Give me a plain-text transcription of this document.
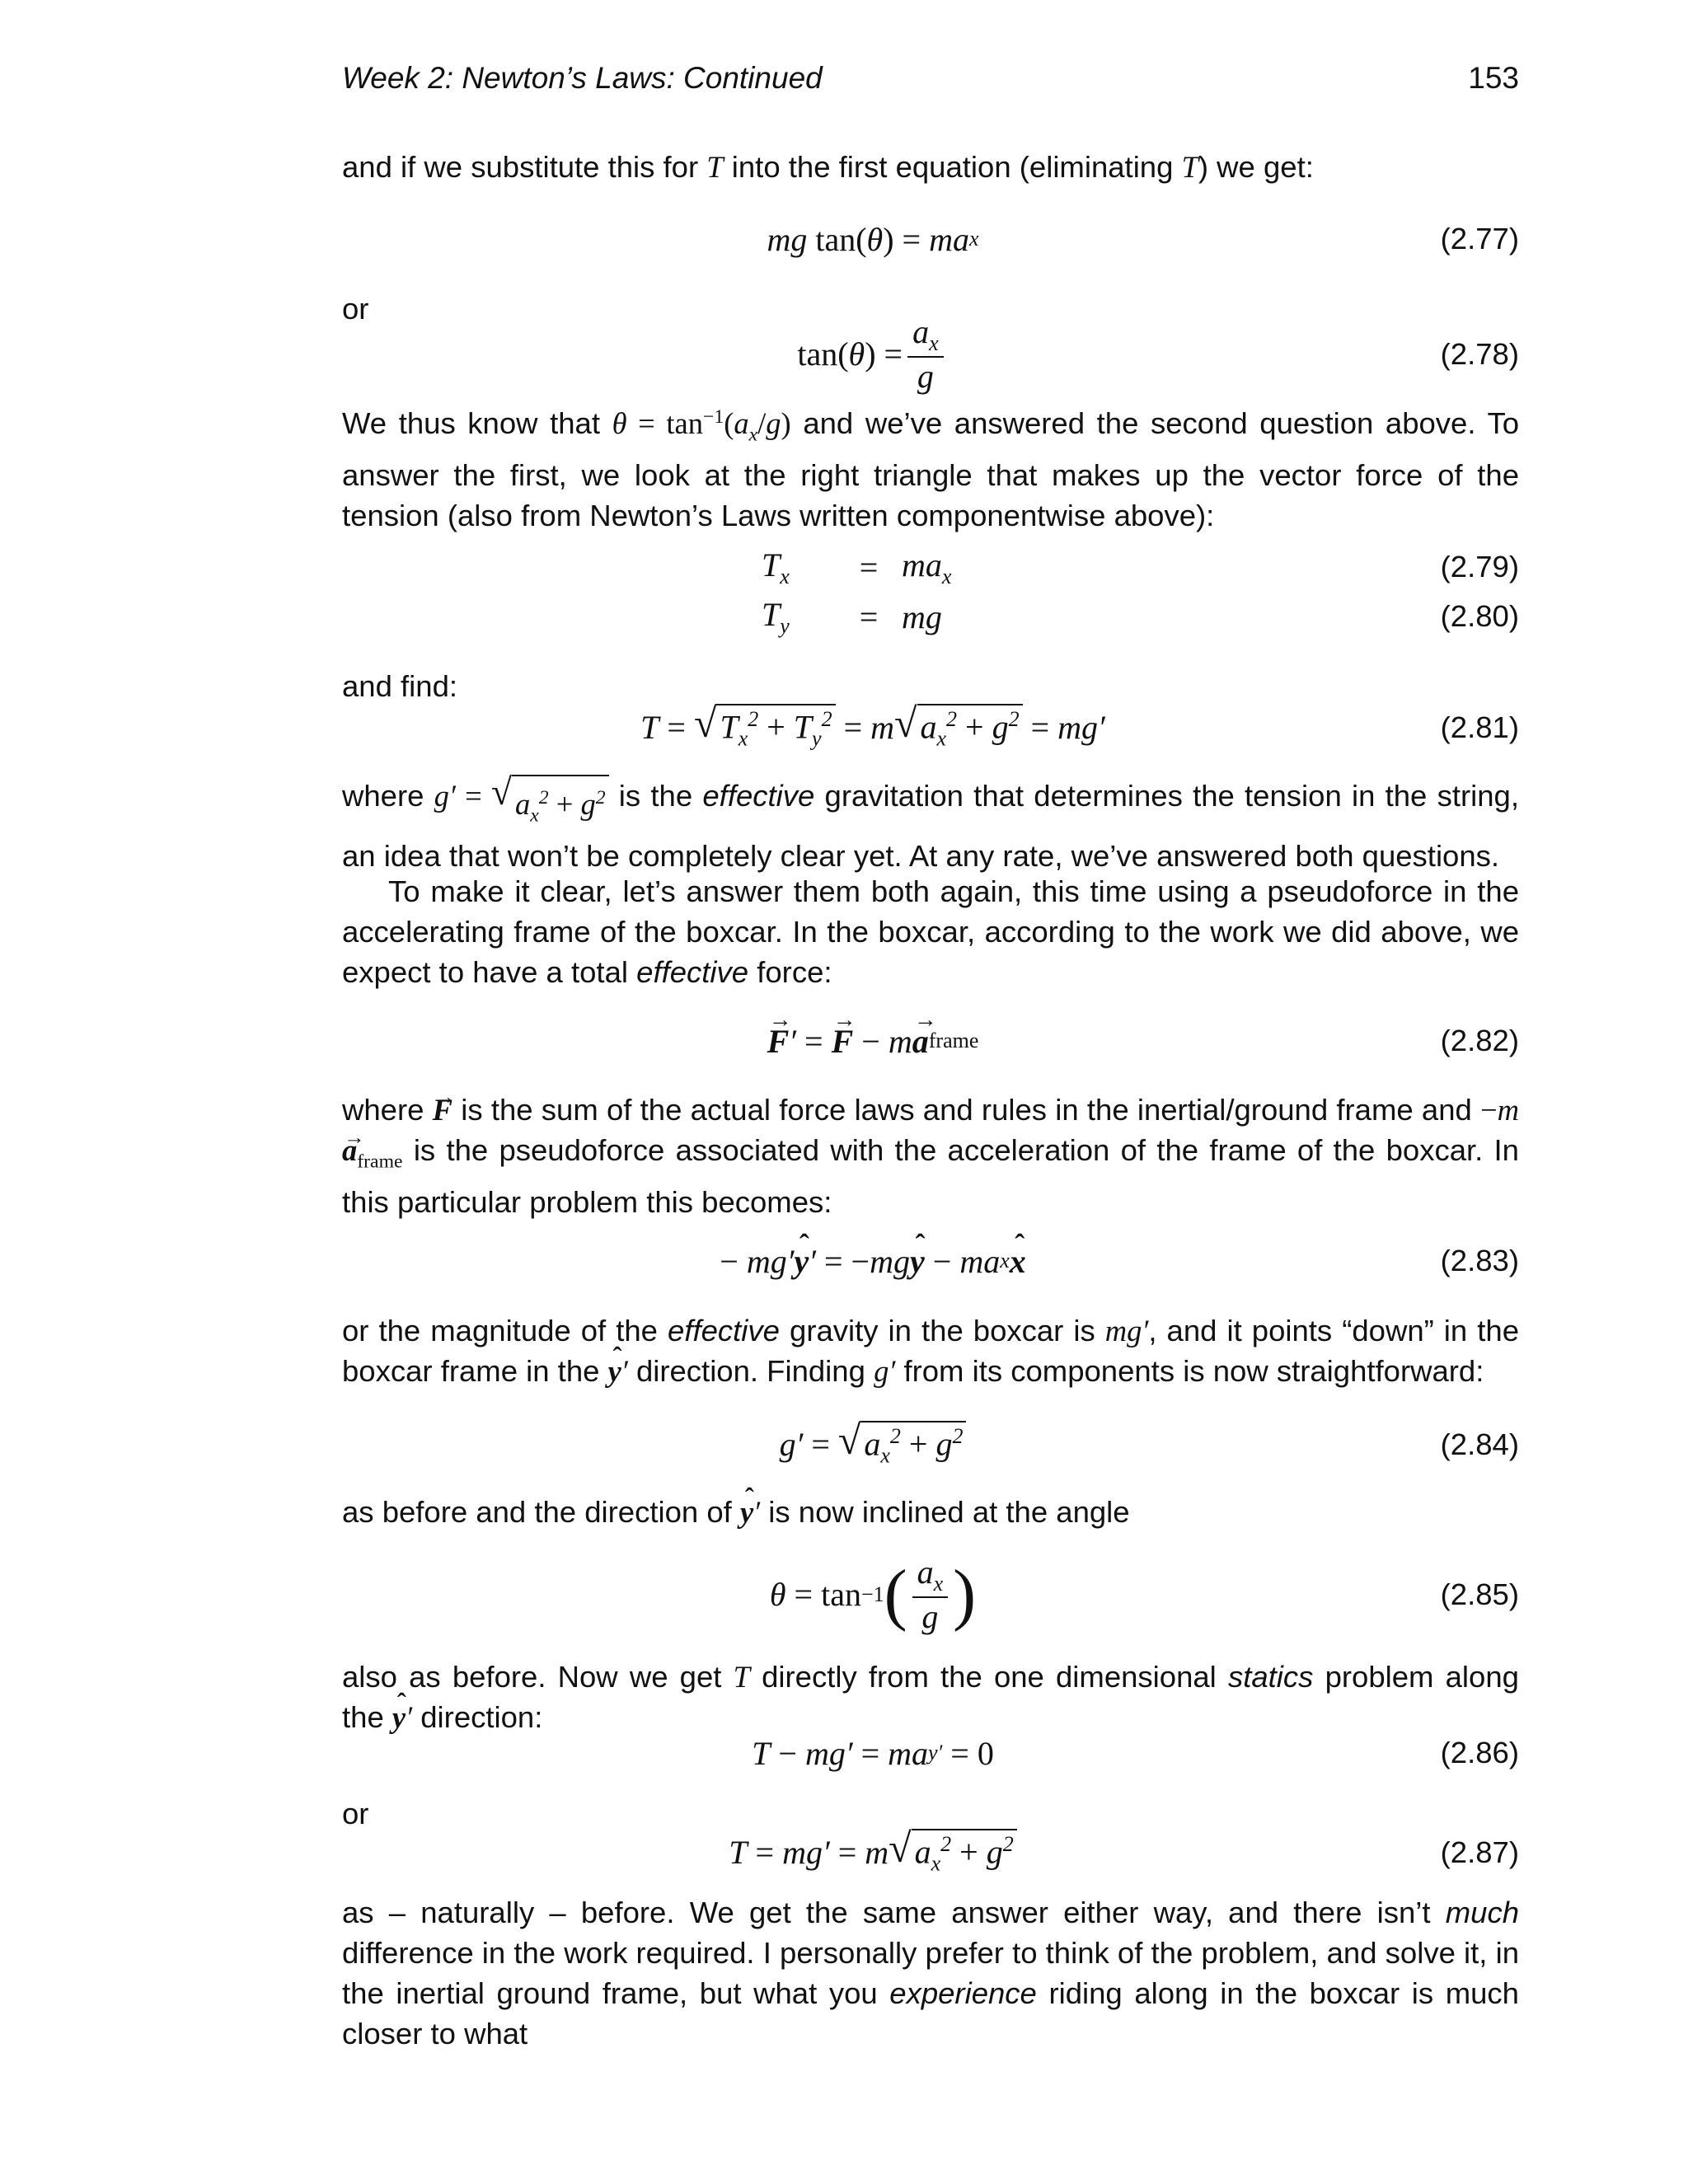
Week 2: Newton’s Laws: Continued	153

and if we substitute this for T into the first equation (eliminating T) we get:

mg tan( θ ) = ma x	(2.77)
or
tan( θ ) = $\frac{a_x}{g}$	(2.78)

We thus know that $\theta = \tan^{-1}(a_x/g)$ and we’ve answered the second question above. To answer the first, we look at the right triangle that makes up the vector force of the tension (also from Newton’s Laws written componentwise above):

$T_x$	= $ma_x$	(2.79)
$T_y$	= mg	(2.80)
and find:
T =
√ $T_x^2 + T_y^2$
= m √ $a_x^2 + g^2$
= mg′	(2.81)

where g′ = √ $a_x^2 + g^2$ is the effective gravitation that determines the tension in the string, an idea that won’t be completely clear yet. At any rate, we’ve answered both questions.

To make it clear, let’s answer them both again, this time using a pseudoforce in the accelerating frame of the boxcar. In the boxcar, according to the work we did above, we expect to have a total effective force:

→ F ′ =
→ F
− m → a frame	(2.82)

where → F is the sum of the actual force laws and rules in the inertial/ground frame and $-m\to a_{frame}$ is the pseudoforce associated with the acceleration of the frame of the boxcar. In this particular problem this becomes:

− mg′ ˆ y ′ =
− mg ˆ y
− ma x ˆ x	(2.83)

or the magnitude of the effective gravity in the boxcar is mg′, and it points “down” in the boxcar frame in the ˆ y′ direction. Finding g′ from its components is now straightforward:

g′ =
√ $a_x^2 + g^2$	(2.84)

as before and the direction of ˆ y′ is now inclined at the angle

θ = tan −1 ( $\frac{a_x}{g}$ )	(2.85)

also as before. Now we get T directly from the one dimensional statics problem along the ˆ y′ direction:

T − mg′ = ma y′
= 0	(2.86)
or
T = mg′ = m √ $a_x^2 + g^2$	(2.87)

as – naturally – before. We get the same answer either way, and there isn’t much difference in the work required. I personally prefer to think of the problem, and solve it, in the inertial ground frame, but what you experience riding along in the boxcar is much closer to what
